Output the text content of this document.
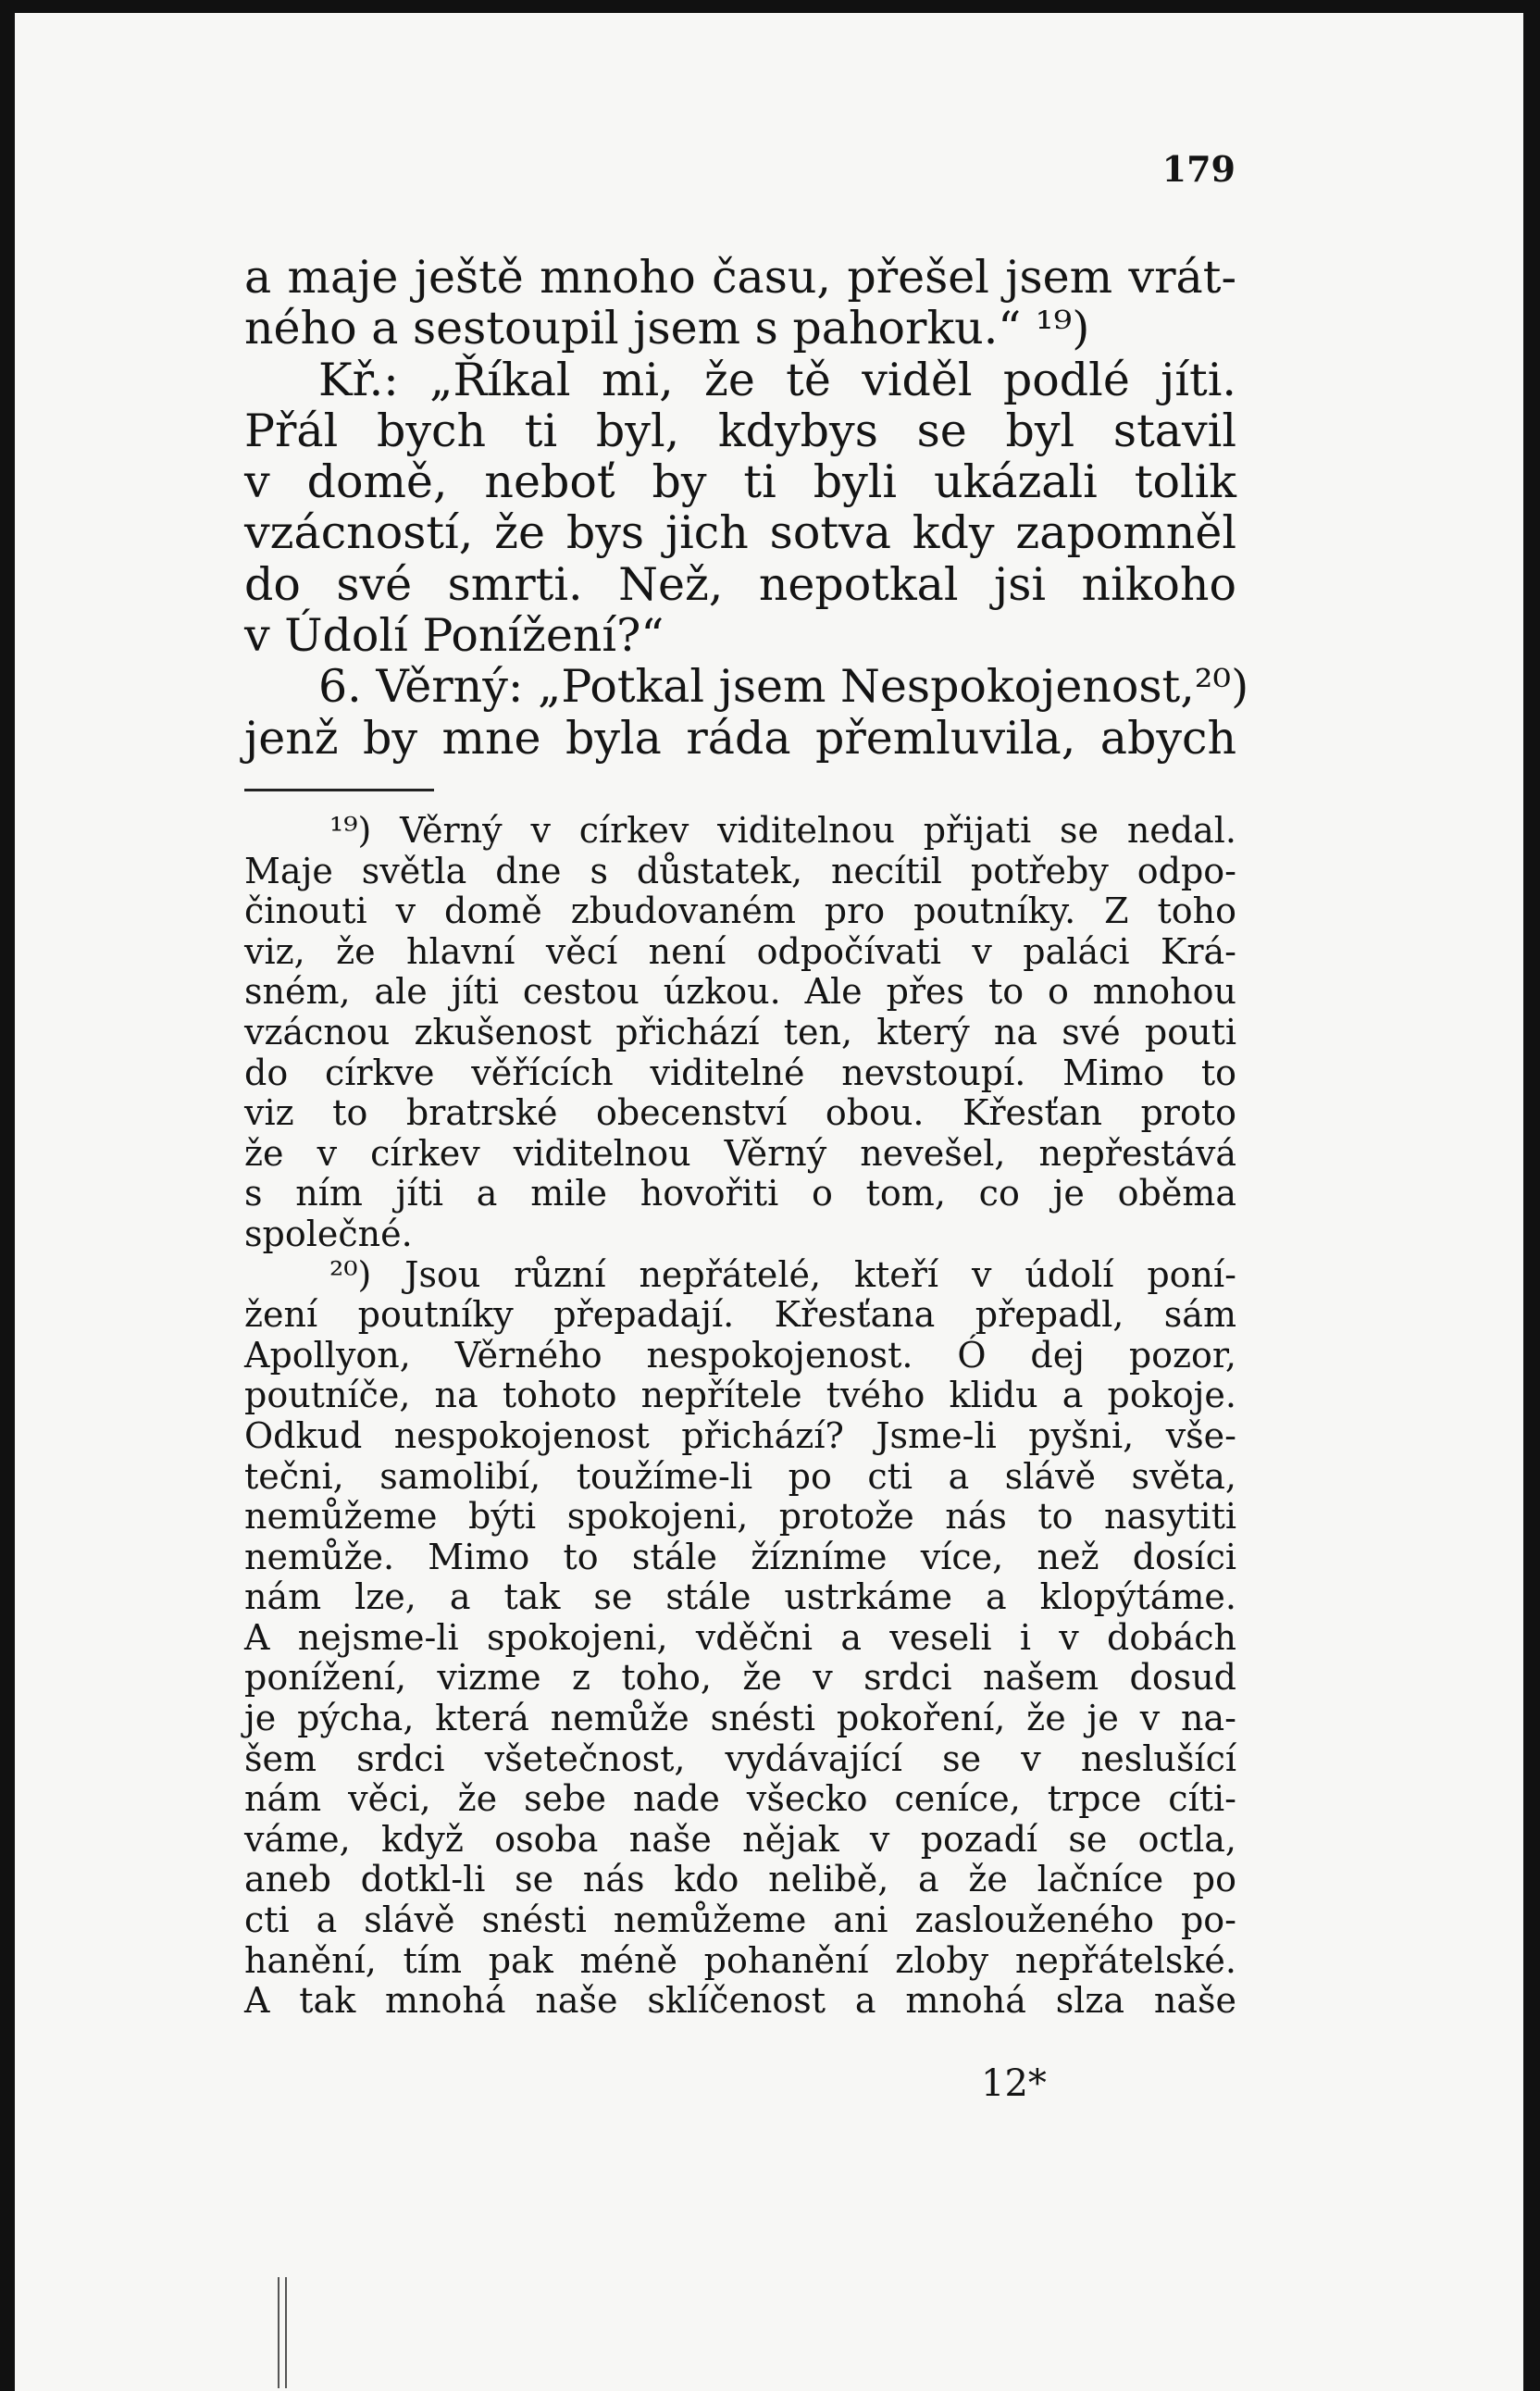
179
a maje ještě mnoho času, přešel jsem vrát-
ného a sestoupil jsem s pahorku.“ ¹⁹)
Kř.: „Říkal mi, že tě viděl podlé jíti.
Přál bych ti byl, kdybys se byl stavil
v domě, neboť by ti byli ukázali tolik
vzácností, že bys jich sotva kdy zapomněl
do své smrti. Než, nepotkal jsi nikoho
v Údolí Ponížení?“
6. Věrný: „Potkal jsem Nespokojenost,²⁰)
jenž by mne byla ráda přemluvila, abych
¹⁹) Věrný v církev viditelnou přijati se nedal.
Maje světla dne s důstatek, necítil potřeby odpo-
činouti v domě zbudovaném pro poutníky. Z toho
viz, že hlavní věcí není odpočívati v paláci Krá-
sném, ale jíti cestou úzkou. Ale přes to o mnohou
vzácnou zkušenost přichází ten, který na své pouti
do církve věřících viditelné nevstoupí. Mimo to
viz to bratrské obecenství obou. Křesťan proto
že v církev viditelnou Věrný nevešel, nepřestává
s ním jíti a mile hovořiti o tom, co je oběma
společné.
²⁰) Jsou různí nepřátelé, kteří v údolí poní-
žení poutníky přepadají. Křesťana přepadl, sám
Apollyon, Věrného nespokojenost. Ó dej pozor,
poutníče, na tohoto nepřítele tvého klidu a pokoje.
Odkud nespokojenost přichází? Jsme-li pyšni, vše-
tečni, samolibí, toužíme-li po cti a slávě světa,
nemůžeme býti spokojeni, protože nás to nasytiti
nemůže. Mimo to stále žízníme více, než dosíci
nám lze, a tak se stále ustrkáme a klopýtáme.
A nejsme-li spokojeni, vděčni a veseli i v dobách
ponížení, vizme z toho, že v srdci našem dosud
je pýcha, která nemůže snésti pokoření, že je v na-
šem srdci všetečnost, vydávající se v neslušící
nám věci, že sebe nade všecko ceníce, trpce cíti-
váme, když osoba naše nějak v pozadí se octla,
aneb dotkl-li se nás kdo nelibě, a že lačníce po
cti a slávě snésti nemůžeme ani zaslouženého po-
hanění, tím pak méně pohanění zloby nepřátelské.
A tak mnohá naše sklíčenost a mnohá slza naše
12*
